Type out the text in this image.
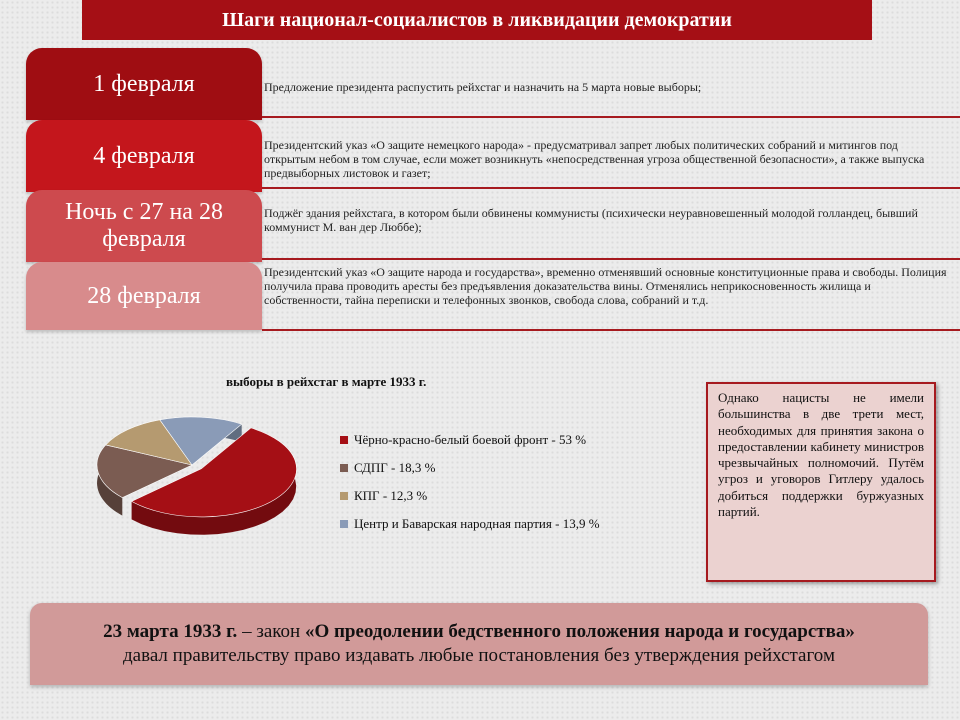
Шаги национал-социалистов в ликвидации демократии
1 февраля	Предложение президента распустить рейхстаг и назначить на 5 марта новые выборы;
4 февраля	Президентский указ «О защите немецкого народа» - предусматривал запрет любых политических собраний и митингов под открытым небом в том случае, если может возникнуть «непосредственная угроза общественной безопасности», а также выпуска предвыборных листовок и газет;
Ночь с 27 на 28 февраля
Поджёг здания рейхстага, в котором были обвинены коммунисты (психически неуравновешенный молодой голландец, бывший коммунист М. ван дер Люббе);
28 февраля
Президентский указ «О защите народа и государства», временно отменявший основные конституционные права и свободы. Полиция получила права проводить аресты без предъявления доказательства вины. Отменялись неприкосновенность жилища и собственности, тайна переписки и телефонных звонков, свобода слова, собраний и т.д.
выборы в рейхстаг в марте 1933 г.
Чёрно-красно-белый боевой фронт - 53 %
СДПГ - 18,3 %
КПГ - 12,3 %
Центр и Баварская народная партия - 13,9 %
Однако нацисты не имели большинства в две трети мест, необходимых для принятия закона о предоставлении кабинету министров чрезвычайных полномочий. Путём угроз и уговоров Гитлеру удалось добиться поддержки буржуазных партий.
23 марта 1933 г. – закон «О преодолении бедственного положения народа и государства»
давал правительству право издавать любые постановления без утверждения рейхстагом
